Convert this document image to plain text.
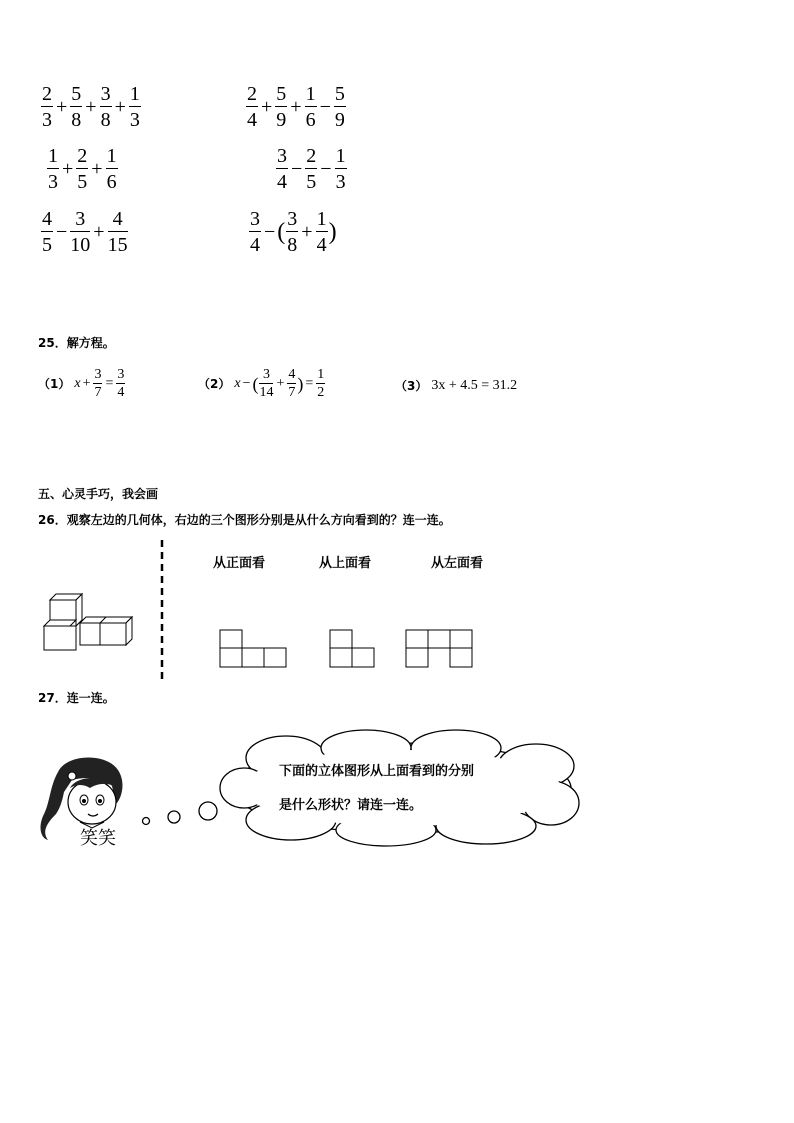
$\frac{2}{3} + \frac{5}{8} + \frac{3}{8} + \frac{1}{3}$	$\frac{2}{4} + \frac{5}{9} + \frac{1}{6} - \frac{5}{9}$
$\frac{1}{3} + \frac{2}{5} + \frac{1}{6}$	$\frac{3}{4} - \frac{2}{5} - \frac{1}{3}$
$\frac{4}{5} - \frac{3}{10} + \frac{4}{15}$	$\frac{3}{4}$ − ( $\frac{3}{8} + \frac{1}{4}$ )
25．解方程。
（1） $x + \frac{3}{7} = \frac{3}{4}$	（2） x − ( $\frac{3}{14} + \frac{4}{7}$ ) = $\frac{1}{2}$	（3） 3x + 4.5 = 31.2
五、心灵手巧，我会画
26．观察左边的几何体，右边的三个图形分别是从什么方向看到的？连一连。
从正面看	从上面看	从左面看
27．连一连。
下面的立体图形从上面看到的分别
是什么形状？请连一连。
笑笑
